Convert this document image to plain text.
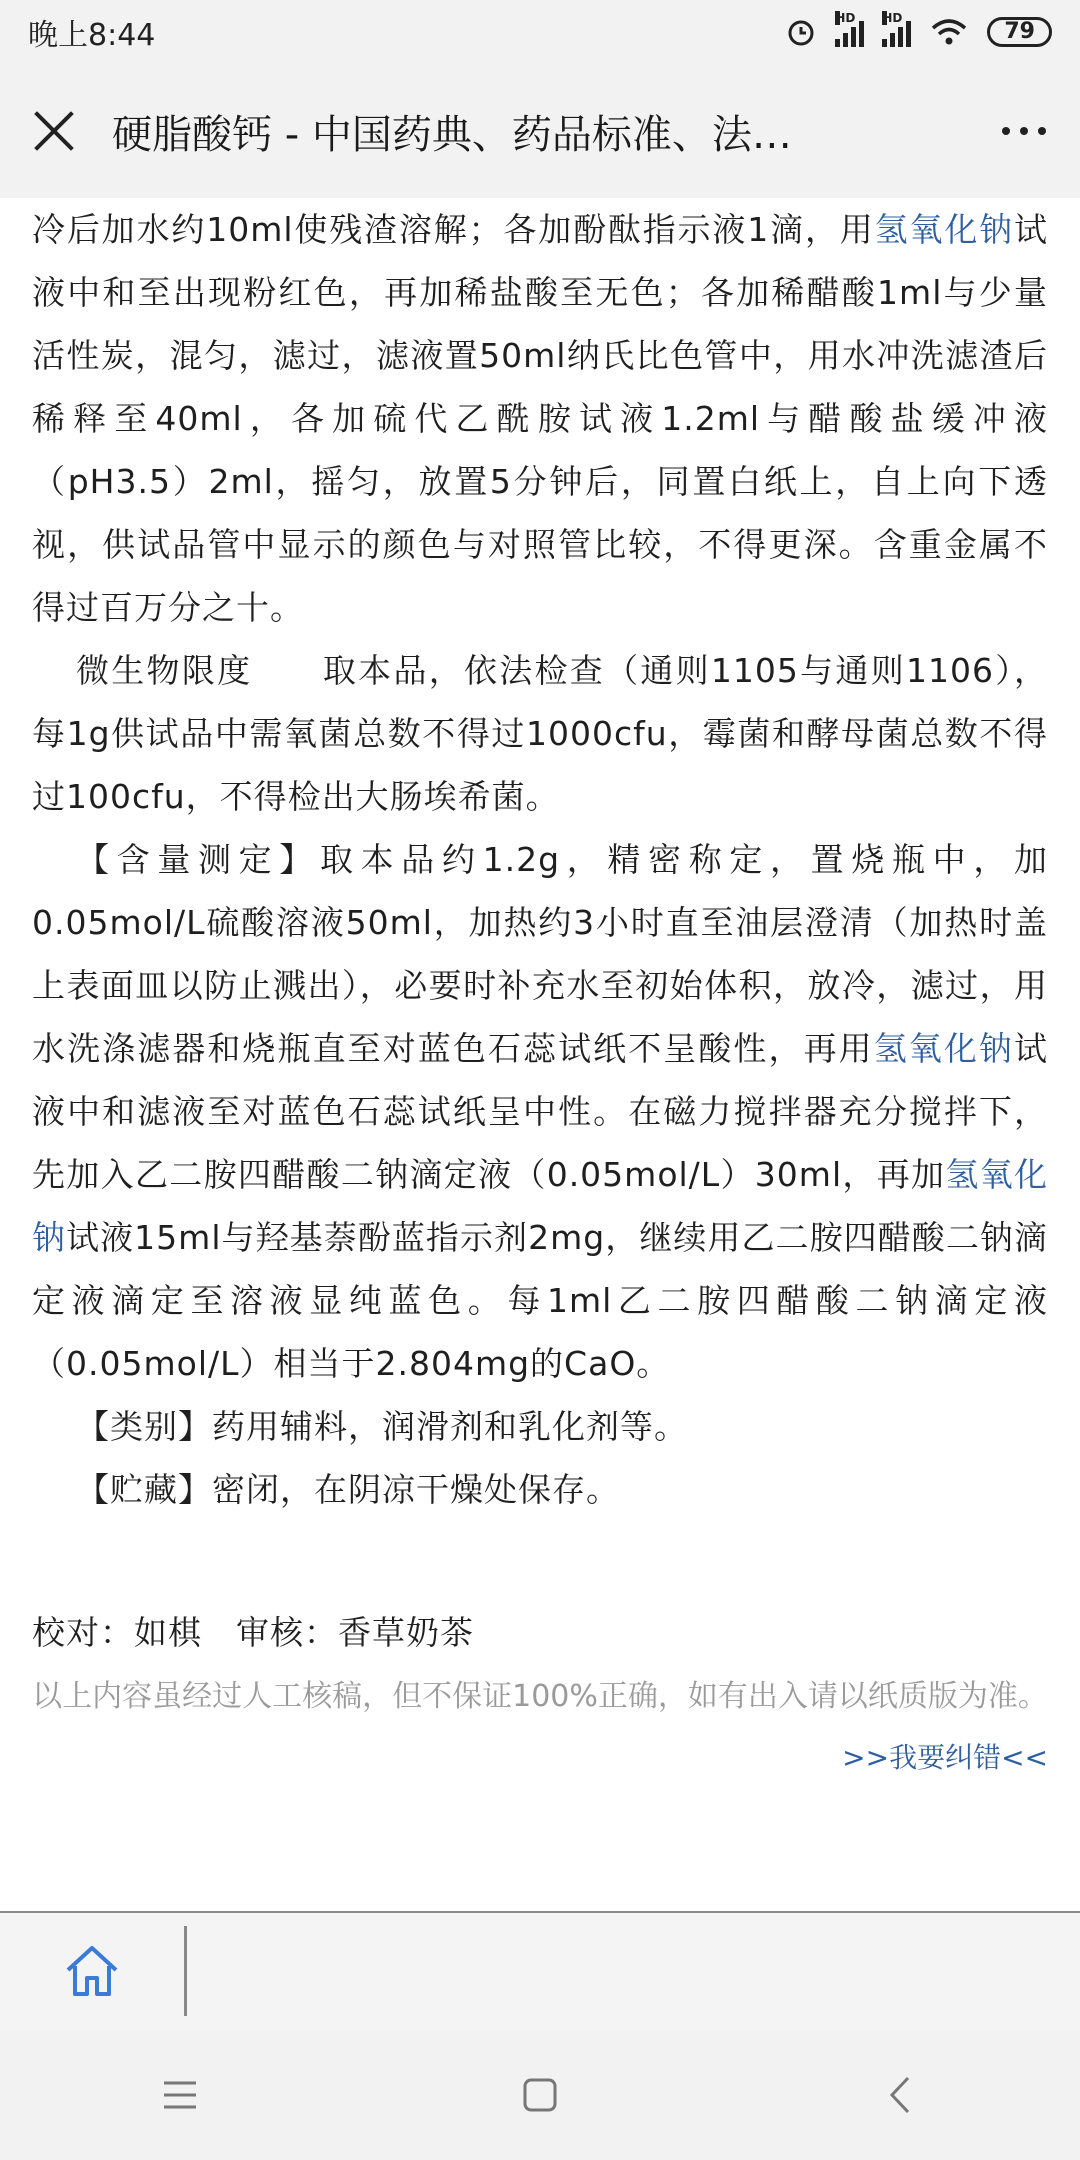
晚上8:44	HD HD
79
硬脂酸钙 - 中国药典、药品标准、法…

冷后加水约10ml使残渣溶解；各加酚酞指示液1滴，用氢氧化钠试液中和至出现粉红色，再加稀盐酸至无色；各加稀醋酸1ml与少量活性炭，混匀，滤过，滤液置50ml纳氏比色管中，用水冲洗滤渣后稀释至40ml，各加硫代乙酰胺试液1.2ml与醋酸盐缓冲液（pH3.5）2ml，摇匀，放置5分钟后，同置白纸上，自上向下透视，供试品管中显示的颜色与对照管比较，不得更深。含重金属不得过百万分之十。

微生物限度　　取本品，依法检查（通则1105与通则1106），每1g供试品中需氧菌总数不得过1000cfu，霉菌和酵母菌总数不得过100cfu，不得检出大肠埃希菌。

【含量测定】取本品约1.2g，精密称定，置烧瓶中，加0.05mol/L硫酸溶液50ml，加热约3小时直至油层澄清（加热时盖上表面皿以防止溅出），必要时补充水至初始体积，放冷，滤过，用水洗涤滤器和烧瓶直至对蓝色石蕊试纸不呈酸性，再用氢氧化钠试液中和滤液至对蓝色石蕊试纸呈中性。在磁力搅拌器充分搅拌下，先加入乙二胺四醋酸二钠滴定液（0.05mol/L）30ml，再加氢氧化钠试液15ml与羟基萘酚蓝指示剂2mg，继续用乙二胺四醋酸二钠滴定液滴定至溶液显纯蓝色。每1ml乙二胺四醋酸二钠滴定液（0.05mol/L）相当于2.804mg的CaO。

【类别】药用辅料，润滑剂和乳化剂等。

【贮藏】密闭，在阴凉干燥处保存。

校对：如棋　审核：香草奶茶

以上内容虽经过人工核稿，但不保证100%正确，如有出入请以纸质版为准。
>>我要纠错<<
